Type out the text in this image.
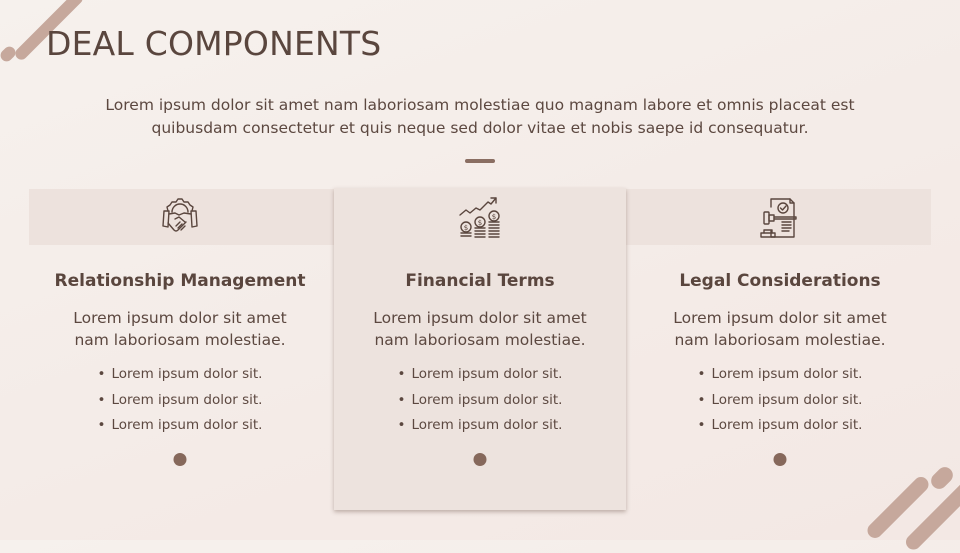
DEAL COMPONENTS
Lorem ipsum dolor sit amet nam laboriosam molestiae quo magnam labore et omnis placeat est quibusdam consectetur et quis neque sed dolor vitae et nobis saepe id consequatur.
Relationship Management
Lorem ipsum dolor sit amet nam laboriosam molestiae.
• Lorem ipsum dolor sit.
• Lorem ipsum dolor sit.
• Lorem ipsum dolor sit.
$
$
$
Financial Terms
Lorem ipsum dolor sit amet nam laboriosam molestiae.
• Lorem ipsum dolor sit.
• Lorem ipsum dolor sit.
• Lorem ipsum dolor sit.
Legal Considerations
Lorem ipsum dolor sit amet nam laboriosam molestiae.
• Lorem ipsum dolor sit.
• Lorem ipsum dolor sit.
• Lorem ipsum dolor sit.
